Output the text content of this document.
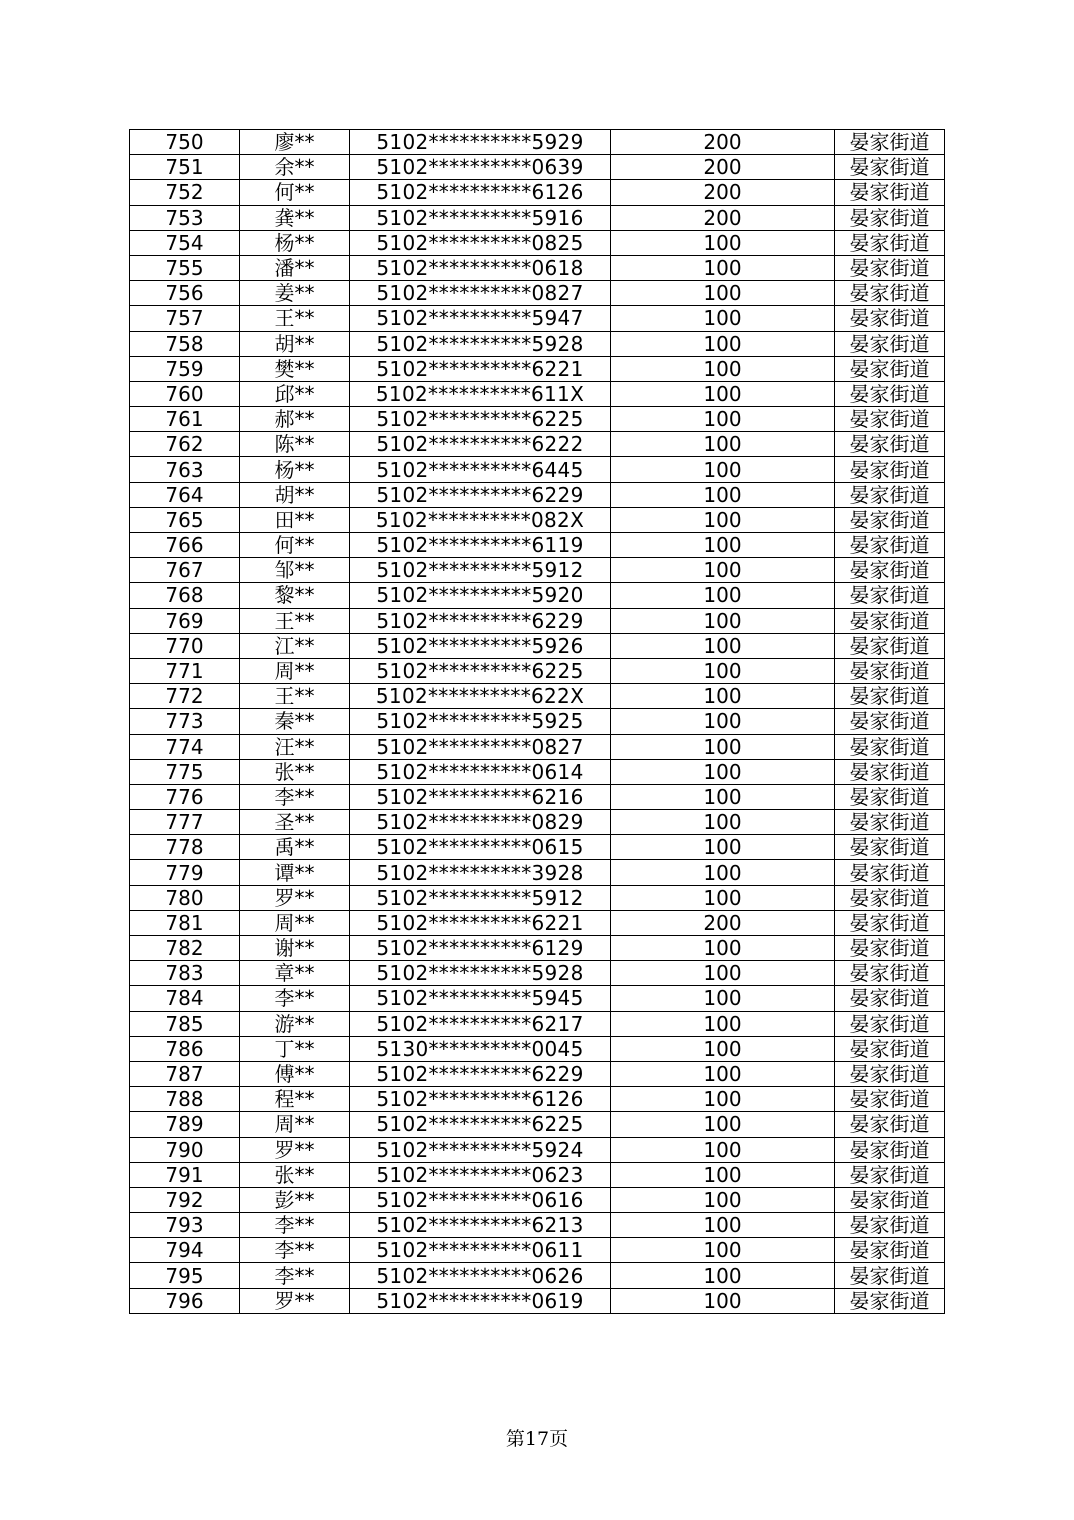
750	廖**	5102**********5929	200	晏家街道
751	余**	5102**********0639	200	晏家街道
752	何**	5102**********6126	200	晏家街道
753	龚**	5102**********5916	200	晏家街道
754	杨**	5102**********0825	100	晏家街道
755	潘**	5102**********0618	100	晏家街道
756	姜**	5102**********0827	100	晏家街道
757	王**	5102**********5947	100	晏家街道
758	胡**	5102**********5928	100	晏家街道
759	樊**	5102**********6221	100	晏家街道
760	邱**	5102**********611X	100	晏家街道
761	郝**	5102**********6225	100	晏家街道
762	陈**	5102**********6222	100	晏家街道
763	杨**	5102**********6445	100	晏家街道
764	胡**	5102**********6229	100	晏家街道
765	田**	5102**********082X	100	晏家街道
766	何**	5102**********6119	100	晏家街道
767	邹**	5102**********5912	100	晏家街道
768	黎**	5102**********5920	100	晏家街道
769	王**	5102**********6229	100	晏家街道
770	江**	5102**********5926	100	晏家街道
771	周**	5102**********6225	100	晏家街道
772	王**	5102**********622X	100	晏家街道
773	秦**	5102**********5925	100	晏家街道
774	汪**	5102**********0827	100	晏家街道
775	张**	5102**********0614	100	晏家街道
776	李**	5102**********6216	100	晏家街道
777	圣**	5102**********0829	100	晏家街道
778	禹**	5102**********0615	100	晏家街道
779	谭**	5102**********3928	100	晏家街道
780	罗**	5102**********5912	100	晏家街道
781	周**	5102**********6221	200	晏家街道
782	谢**	5102**********6129	100	晏家街道
783	章**	5102**********5928	100	晏家街道
784	李**	5102**********5945	100	晏家街道
785	游**	5102**********6217	100	晏家街道
786	丁**	5130**********0045	100	晏家街道
787	傅**	5102**********6229	100	晏家街道
788	程**	5102**********6126	100	晏家街道
789	周**	5102**********6225	100	晏家街道
790	罗**	5102**********5924	100	晏家街道
791	张**	5102**********0623	100	晏家街道
792	彭**	5102**********0616	100	晏家街道
793	李**	5102**********6213	100	晏家街道
794	李**	5102**********0611	100	晏家街道
795	李**	5102**********0626	100	晏家街道
796	罗**	5102**********0619	100	晏家街道
第17页
